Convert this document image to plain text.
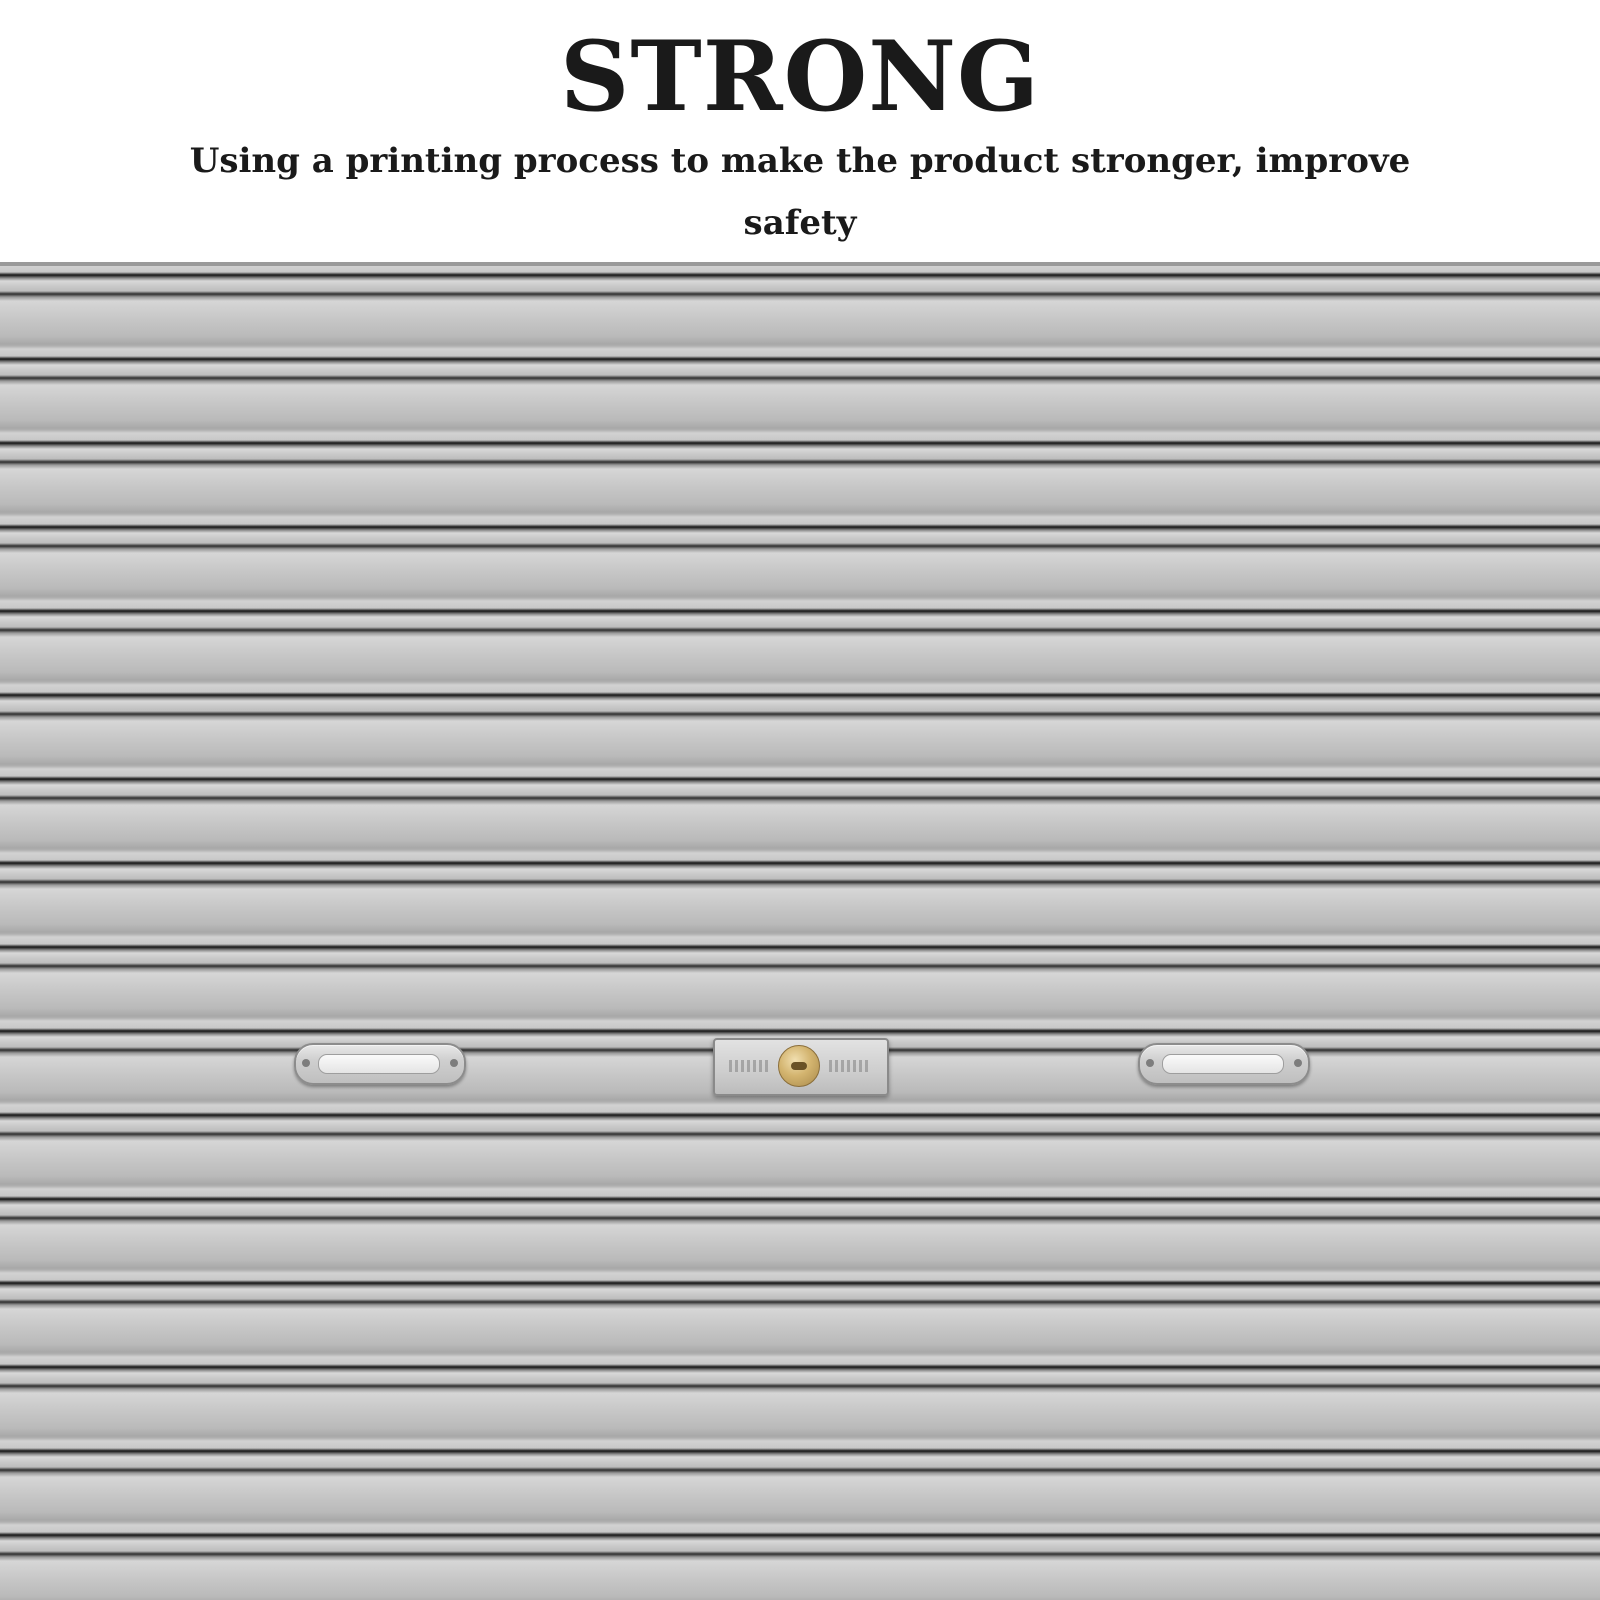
STRONG

Using a printing process to make the product stronger, improve
safety
